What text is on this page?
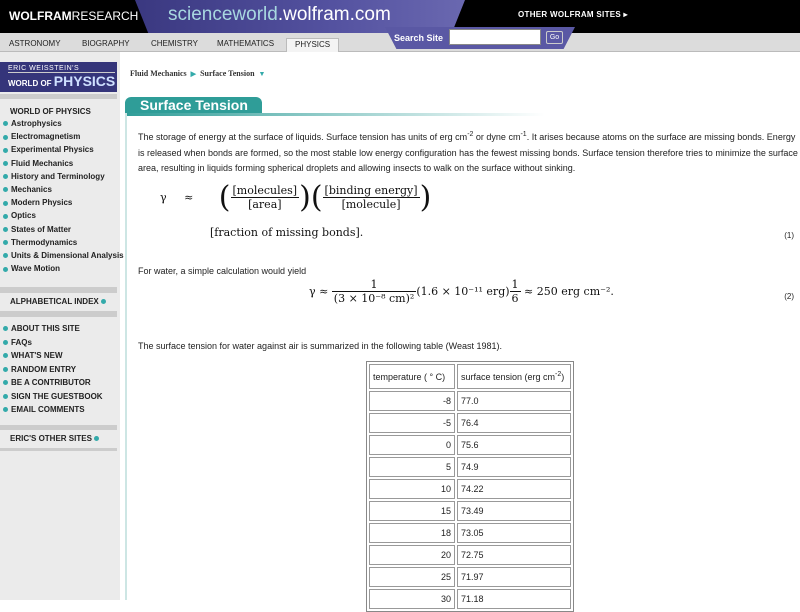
WOLFRAMRESEARCH scienceworld.wolfram.com	OTHER WOLFRAM SITES ▸
ASTRONOMY	BIOGRAPHY	CHEMISTRY MATHEMATICS	PHYSICS
Search Site	Go
ERIC WEISSTEIN'S
WORLD OF PHYSICS
WORLD OF PHYSICS
Astrophysics
Electromagnetism
Experimental Physics
Fluid Mechanics
History and Terminology
Mechanics
Modern Physics
Optics
States of Matter
Thermodynamics
Units & Dimensional Analysis
Wave Motion
ALPHABETICAL INDEX
ABOUT THIS SITE
FAQs
WHAT'S NEW
RANDOM ENTRY
BE A CONTRIBUTOR
SIGN THE GUESTBOOK
EMAIL COMMENTS
ERIC'S OTHER SITES
Fluid Mechanics ▶ Surface Tension ▼
Surface Tension
The storage of energy at the surface of liquids. Surface tension has units of erg $cm^{-2}$ or dyne $cm^{-1}$. It arises because atoms on the surface are missing bonds. Energy is released when bonds are formed, so the most stable low energy configuration has the fewest missing bonds. Surface tension therefore tries to minimize the surface area, resulting in liquids forming spherical droplets and allowing insects to walk on the surface without sinking.
γ ≈ ( $\frac{\text{[molecules]}}{\text{[area]}}$ )( $\frac{\text{[binding energy]}}{\text{[molecule]}}$ )
[fraction of missing bonds].	(1)
For water, a simple calculation would yield
$\gamma \approx \frac{1}{\text{(3 × 10⁻⁸ cm)²}} (1.6 \times 10^{-11}$ $erg) \frac{1}{6} \approx 250$ erg cm⁻².	(2)
The surface tension for water against air is summarized in the following table (Weast 1981).
temperature ( ° C)	surface tension (erg $cm^{-2}$)
-8	77.0
-5	76.4
0	75.6
5	74.9
10	74.22
15	73.49
18	73.05
20	72.75
25	71.97
30	71.18
